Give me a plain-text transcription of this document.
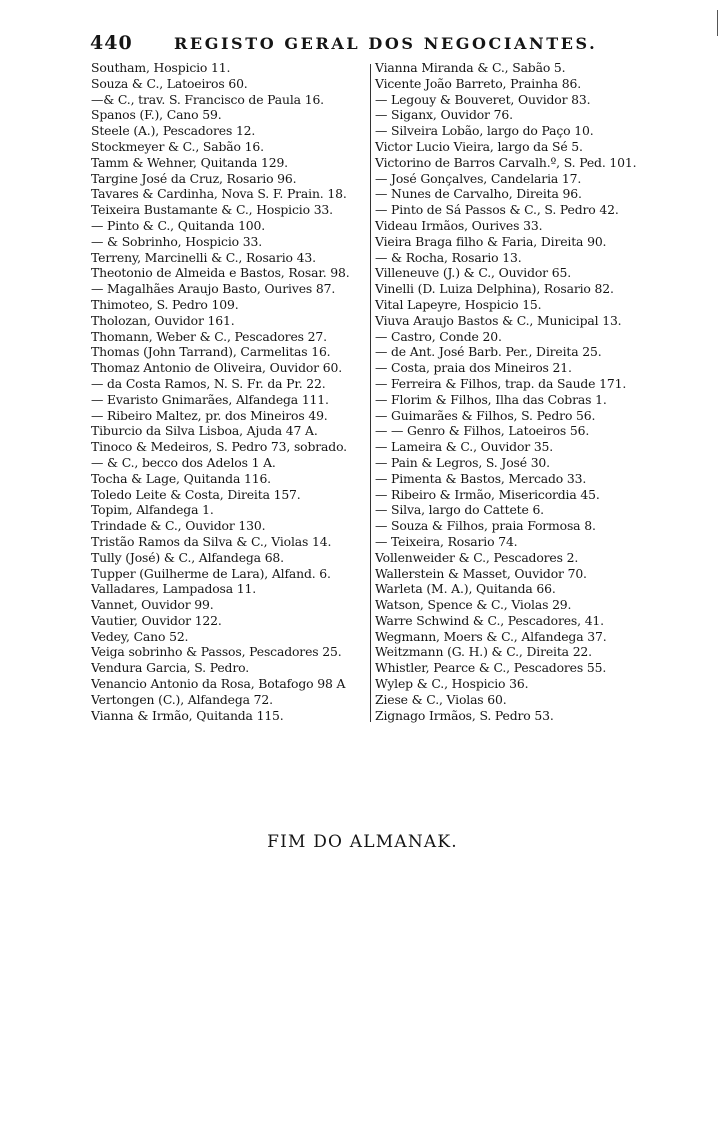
440	REGISTO GERAL DOS NEGOCIANTES.
Southam, Hospicio 11.
Souza & C., Latoeiros 60.
—& C., trav. S. Francisco de Paula 16.
Spanos (F.), Cano 59.
Steele (A.), Pescadores 12.
Stockmeyer & C., Sabão 16.
Tamm & Wehner, Quitanda 129.
Targine José da Cruz, Rosario 96.
Tavares & Cardinha, Nova S. F. Prain. 18.
Teixeira Bustamante & C., Hospicio 33.
— Pinto & C., Quitanda 100.
— & Sobrinho, Hospicio 33.
Terreny, Marcinelli & C., Rosario 43.
Theotonio de Almeida e Bastos, Rosar. 98.
— Magalhães Araujo Basto, Ourives 87.
Thimoteo, S. Pedro 109.
Tholozan, Ouvidor 161.
Thomann, Weber & C., Pescadores 27.
Thomas (John Tarrand), Carmelitas 16.
Thomaz Antonio de Oliveira, Ouvidor 60.
— da Costa Ramos, N. S. Fr. da Pr. 22.
— Evaristo Gnimarães, Alfandega 111.
— Ribeiro Maltez, pr. dos Mineiros 49.
Tiburcio da Silva Lisboa, Ajuda 47 A.
Tinoco & Medeiros, S. Pedro 73, sobrado.
— & C., becco dos Adelos 1 A.
Tocha & Lage, Quitanda 116.
Toledo Leite & Costa, Direita 157.
Topim, Alfandega 1.
Trindade & C., Ouvidor 130.
Tristão Ramos da Silva & C., Violas 14.
Tully (José) & C., Alfandega 68.
Tupper (Guilherme de Lara), Alfand. 6.
Valladares, Lampadosa 11.
Vannet, Ouvidor 99.
Vautier, Ouvidor 122.
Vedey, Cano 52.
Veiga sobrinho & Passos, Pescadores 25.
Vendura Garcia, S. Pedro.
Venancio Antonio da Rosa, Botafogo 98 A
Vertongen (C.), Alfandega 72.
Vianna & Irmão, Quitanda 115.
Vianna Miranda & C., Sabão 5.
Vicente João Barreto, Prainha 86.
— Legouy & Bouveret, Ouvidor 83.
— Siganx, Ouvidor 76.
— Silveira Lobão, largo do Paço 10.
Victor Lucio Vieira, largo da Sé 5.
Victorino de Barros Carvalh.º, S. Ped. 101.
— José Gonçalves, Candelaria 17.
— Nunes de Carvalho, Direita 96.
— Pinto de Sá Passos & C., S. Pedro 42.
Videau Irmãos, Ourives 33.
Vieira Braga filho & Faria, Direita 90.
— & Rocha, Rosario 13.
Villeneuve (J.) & C., Ouvidor 65.
Vinelli (D. Luiza Delphina), Rosario 82.
Vital Lapeyre, Hospicio 15.
Viuva Araujo Bastos & C., Municipal 13.
— Castro, Conde 20.
— de Ant. José Barb. Per., Direita 25.
— Costa, praia dos Mineiros 21.
— Ferreira & Filhos, trap. da Saude 171.
— Florim & Filhos, Ilha das Cobras 1.
— Guimarães & Filhos, S. Pedro 56.
— — Genro & Filhos, Latoeiros 56.
— Lameira & C., Ouvidor 35.
— Pain & Legros, S. José 30.
— Pimenta & Bastos, Mercado 33.
— Ribeiro & Irmão, Misericordia 45.
— Silva, largo do Cattete 6.
— Souza & Filhos, praia Formosa 8.
— Teixeira, Rosario 74.
Vollenweider & C., Pescadores 2.
Wallerstein & Masset, Ouvidor 70.
Warleta (M. A.), Quitanda 66.
Watson, Spence & C., Violas 29.
Warre Schwind & C., Pescadores, 41.
Wegmann, Moers & C., Alfandega 37.
Weitzmann (G. H.) & C., Direita 22.
Whistler, Pearce & C., Pescadores 55.
Wylep & C., Hospicio 36.
Ziese & C., Violas 60.
Zignago Irmãos, S. Pedro 53.
FIM DO ALMANAK.
